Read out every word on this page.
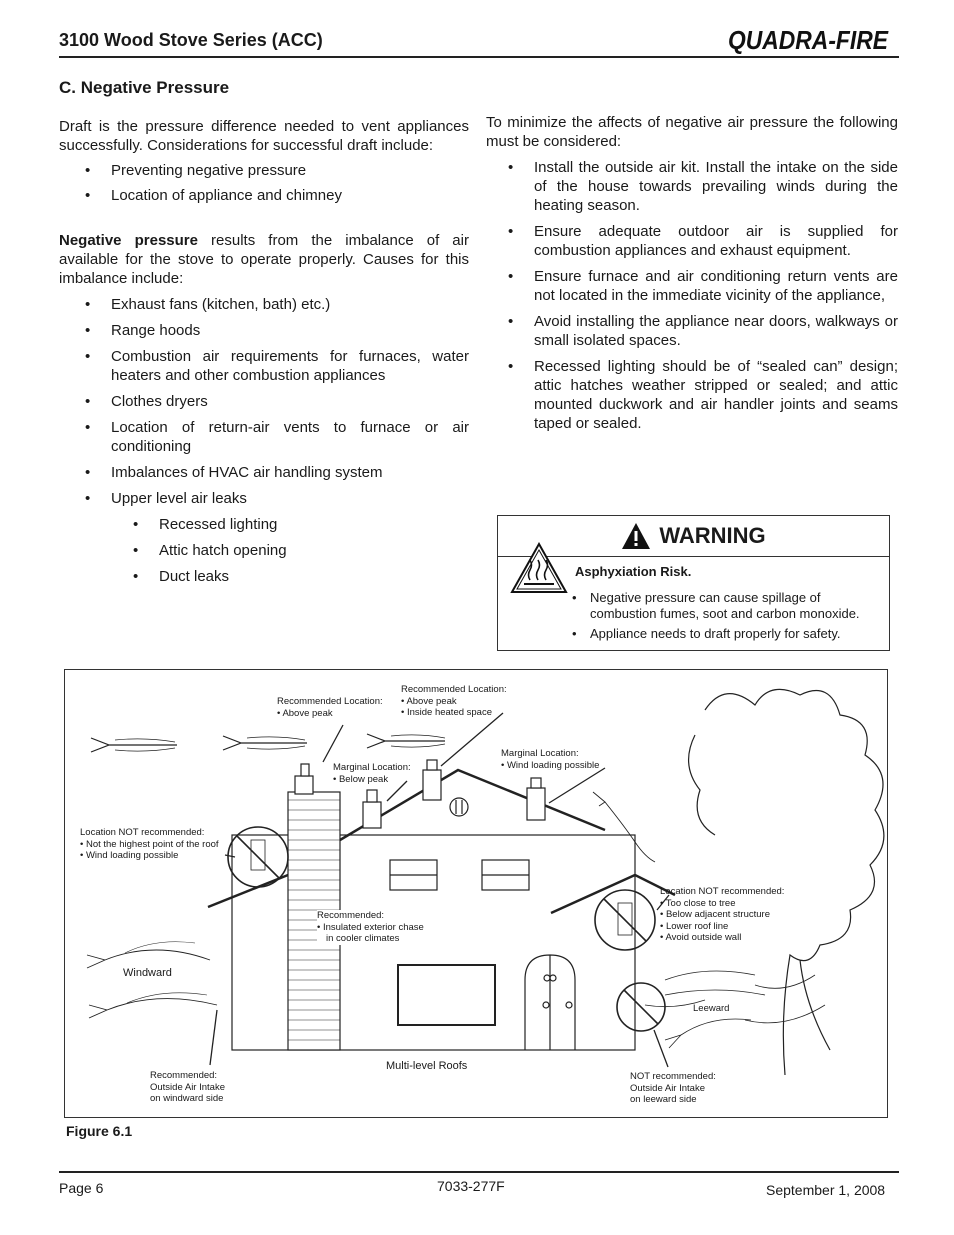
3100 Wood Stove Series (ACC)	QUADRA-FIRE
C. Negative Pressure

Draft is the pressure difference needed to vent appliances successfully. Considerations for successful draft include:

•	Preventing negative pressure
•	Location of appliance and chimney

Negative pressure results from the imbalance of air available for the stove to operate properly. Causes for this imbalance include:

•	Exhaust fans (kitchen, bath) etc.)
•	Range hoods
•	Combustion air requirements for furnaces, water heaters and other combustion appliances
•	Clothes dryers
•	Location of return-air vents to furnace or air conditioning
•	Imbalances of HVAC air handling system
•	Upper level air leaks
•	Recessed lighting
•	Attic hatch opening
•	Duct leaks

To minimize the affects of negative air pressure the following must be considered:

•	Install the outside air kit. Install the intake on the side of the house towards prevailing winds during the heating season.
•	Ensure adequate outdoor air is supplied for combustion appliances and exhaust equipment.
•	Ensure furnace and air conditioning return vents are not located in the immediate vicinity of the appliance,
•	Avoid installing the appliance near doors, walkways or small isolated spaces.
•	Recessed lighting should be of “sealed can” design; attic hatches weather stripped or sealed; and attic mounted duckwork and air handler joints and seams taped or sealed.
WARNING
Asphyxiation Risk.
•	Negative pressure can cause spillage of combustion fumes, soot and carbon monoxide.
•	Appliance needs to draft properly for safety.
Recommended Location:
• Above peak
Recommended Location:
• Above peak
• Inside heated space
Marginal Location:
• Below peak
Marginal Location:
• Wind loading possible
Location NOT recommended:
• Not the highest point of the roof
• Wind loading possible
Recommended:
• Insulated exterior chase
in cooler climates
Location NOT recommended:
• Too close to tree
• Below adjacent structure
• Lower roof line
• Avoid outside wall
Windward
Leeward
Multi-level Roofs
Recommended:
Outside Air Intake
on windward side
NOT recommended:
Outside Air Intake
on leeward side
Figure 6.1
Page 6	7033-277F	September 1, 2008
